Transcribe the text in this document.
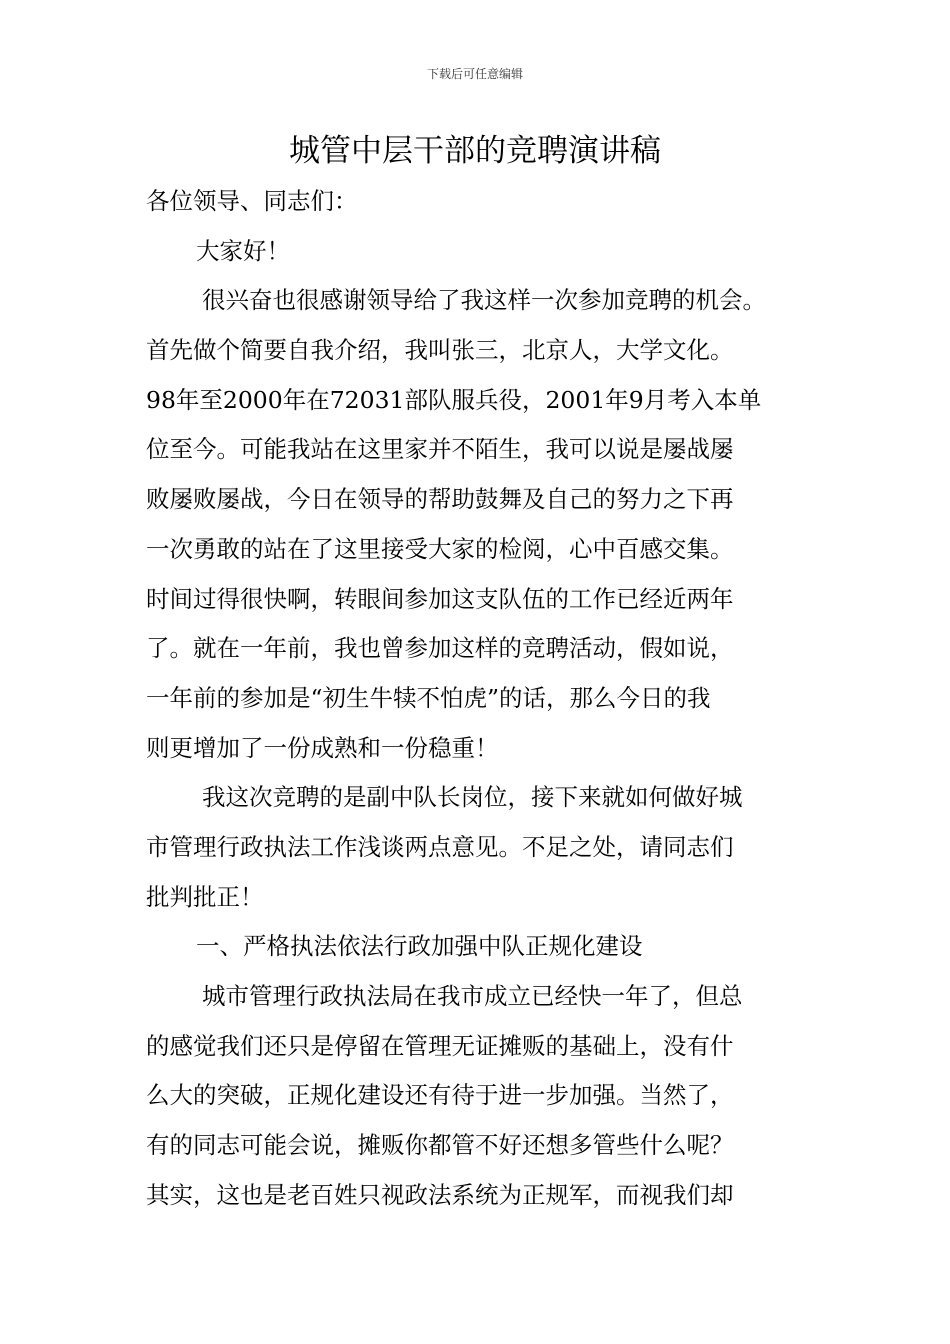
下载后可任意编辑
城管中层干部的竞聘演讲稿
各位领导、同志们：
大家好！
很兴奋也很感谢领导给了我这样一次参加竞聘的机会。
首先做个简要自我介绍，我叫张三，北京人，大学文化。
98年至2000年在72031部队服兵役，2001年9月考入本单
位至今。可能我站在这里家并不陌生，我可以说是屡战屡
败屡败屡战，今日在领导的帮助鼓舞及自己的努力之下再
一次勇敢的站在了这里接受大家的检阅，心中百感交集。
时间过得很快啊，转眼间参加这支队伍的工作已经近两年
了。就在一年前，我也曾参加这样的竞聘活动，假如说，
一年前的参加是“初生牛犊不怕虎”的话，那么今日的我
则更增加了一份成熟和一份稳重！
我这次竞聘的是副中队长岗位，接下来就如何做好城
市管理行政执法工作浅谈两点意见。不足之处，请同志们
批判批正！
一、严格执法依法行政加强中队正规化建设
城市管理行政执法局在我市成立已经快一年了，但总
的感觉我们还只是停留在管理无证摊贩的基础上，没有什
么大的突破，正规化建设还有待于进一步加强。当然了，
有的同志可能会说，摊贩你都管不好还想多管些什么呢？
其实，这也是老百姓只视政法系统为正规军，而视我们却
